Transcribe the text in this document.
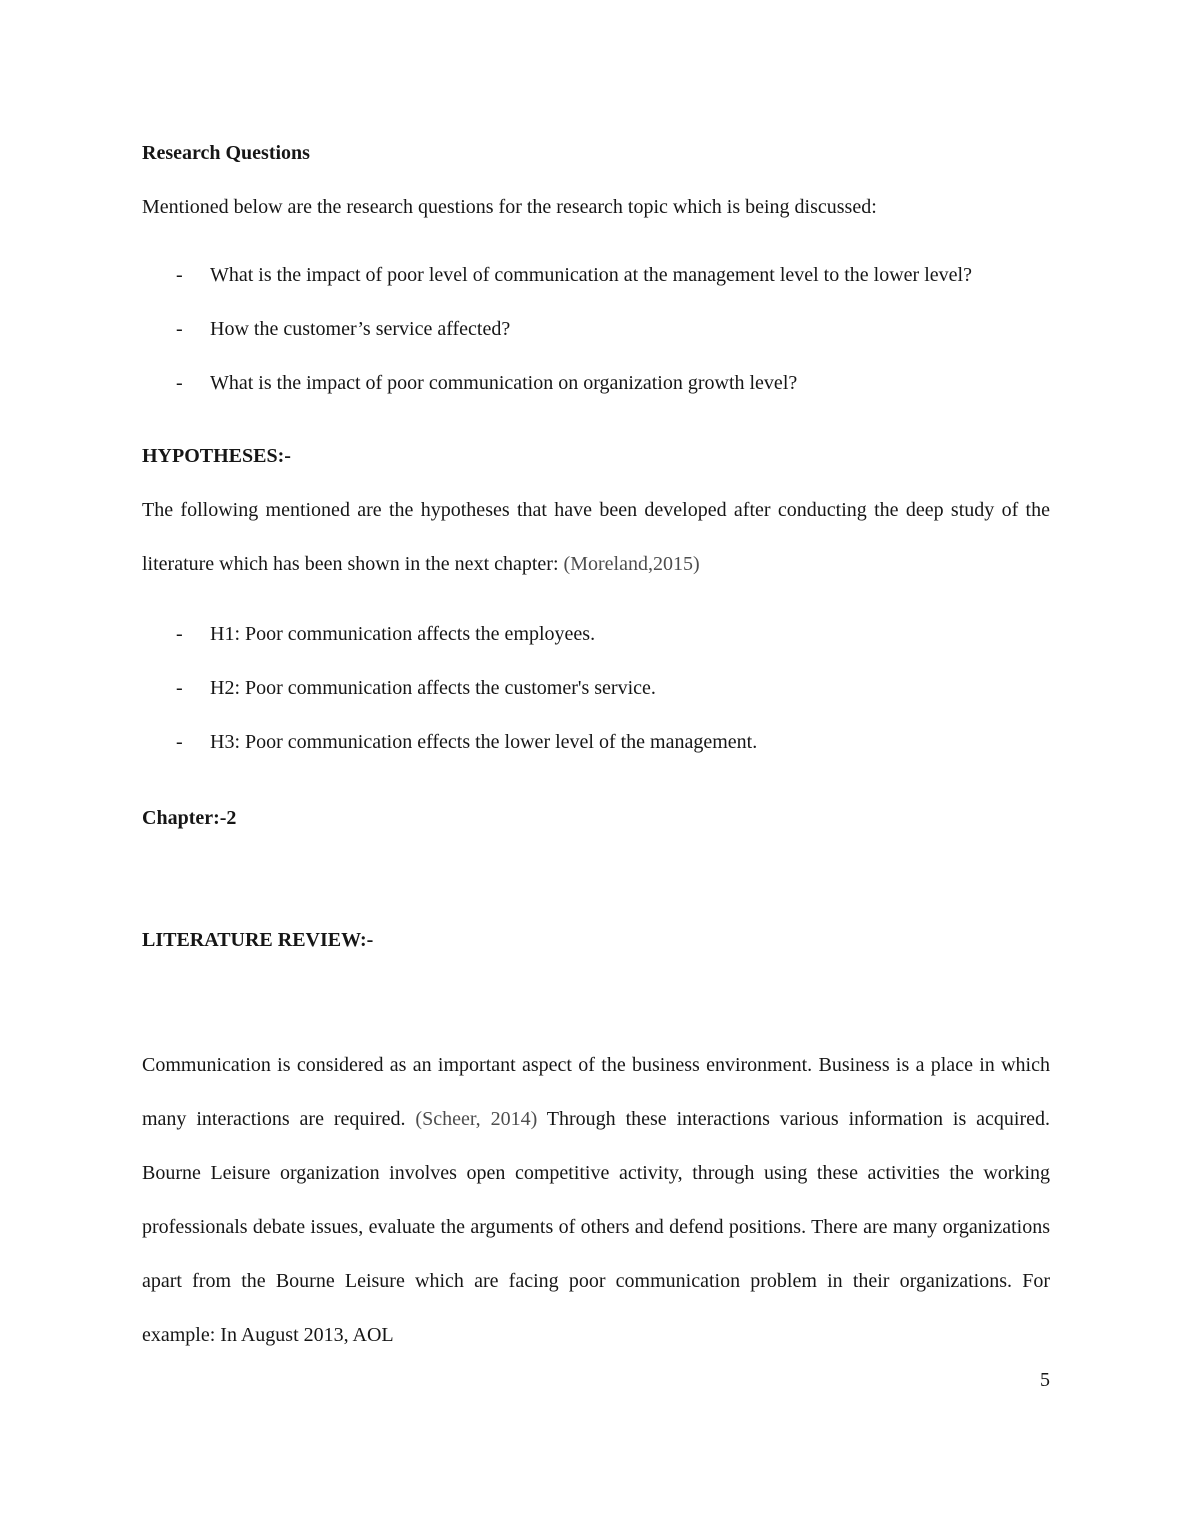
Research Questions

Mentioned below are the research questions for the research topic which is being discussed:

- What is the impact of poor level of communication at the management level to the lower level?
- How the customer’s service affected?
- What is the impact of poor communication on organization growth level?

HYPOTHESES:-

The following mentioned are the hypotheses that have been developed after conducting the deep study of the literature which has been shown in the next chapter: (Moreland,2015)

- H1: Poor communication affects the employees.
- H2: Poor communication affects the customer's service.
- H3: Poor communication effects the lower level of the management.

Chapter:-2

LITERATURE REVIEW:-

Communication is considered as an important aspect of the business environment. Business is a place in which many interactions are required. (Scheer, 2014) Through these interactions various information is acquired. Bourne Leisure organization involves open competitive activity, through using these activities the working professionals debate issues, evaluate the arguments of others and defend positions. There are many organizations apart from the Bourne Leisure which are facing poor communication problem in their organizations. For example: In August 2013, AOL

5
